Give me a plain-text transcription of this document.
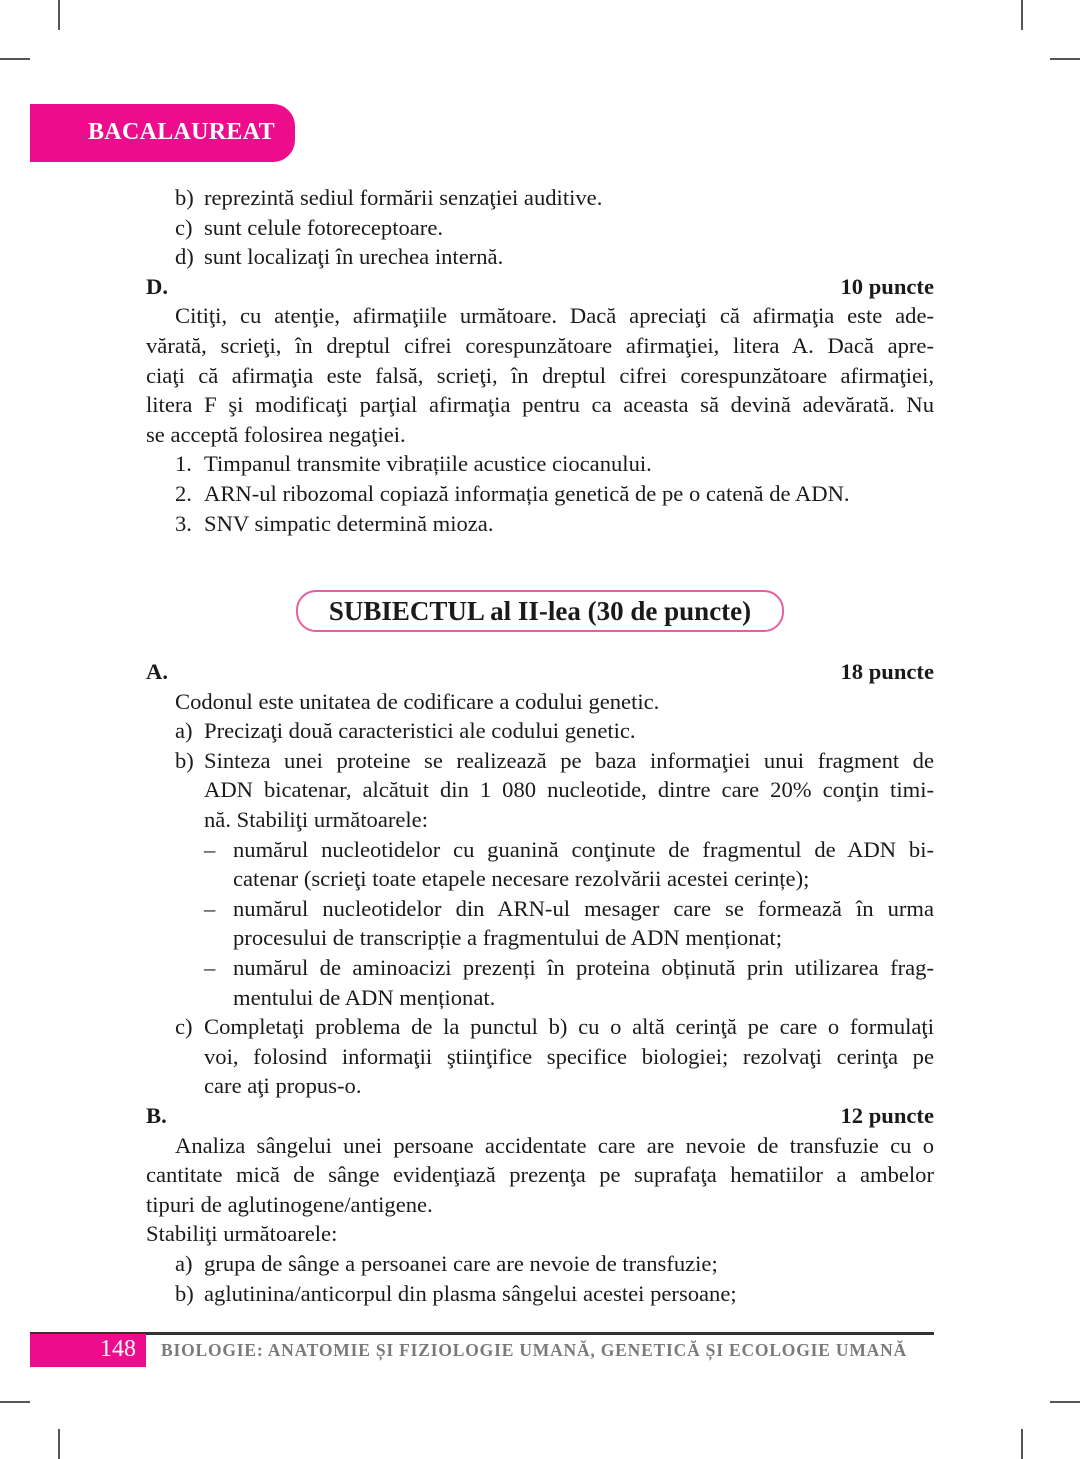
BACALAUREAT
b) reprezintă sediul formării senzaţiei auditive.
c) sunt celule fotoreceptoare.
d) sunt localizaţi în urechea internă.
D.	10 puncte
Citiţi, cu atenţie, afirmaţiile următoare. Dacă apreciaţi că afirmaţia este ade-
vărată, scrieţi, în dreptul cifrei corespunzătoare afirmaţiei, litera A. Dacă apre-
ciaţi că afirmaţia este falsă, scrieţi, în dreptul cifrei corespunzătoare afirmaţiei,
litera F şi modificaţi parţial afirmaţia pentru ca aceasta să devină adevărată. Nu
se acceptă folosirea negaţiei.
1. Timpanul transmite vibrațiile acustice ciocanului.
2. ARN-ul ribozomal copiază informația genetică de pe o catenă de ADN.
3. SNV simpatic determină mioza.
SUBIECTUL al II-lea (30 de puncte)
A.	18 puncte
Codonul este unitatea de codificare a codului genetic.
a) Precizaţi două caracteristici ale codului genetic.
b) Sinteza unei proteine se realizează pe baza informaţiei unui fragment de
ADN bicatenar, alcătuit din 1 080 nucleotide, dintre care 20% conţin timi-
nă. Stabiliţi următoarele:
– numărul nucleotidelor cu guanină conţinute de fragmentul de ADN bi-
catenar (scrieţi toate etapele necesare rezolvării acestei cerințe);
– numărul nucleotidelor din ARN-ul mesager care se formează în urma
procesului de transcripție a fragmentului de ADN menționat;
– numărul de aminoacizi prezenți în proteina obținută prin utilizarea frag-
mentului de ADN menționat.
c) Completaţi problema de la punctul b) cu o altă cerinţă pe care o formulaţi
voi, folosind informaţii ştiinţifice specifice biologiei; rezolvaţi cerinţa pe
care aţi propus-o.
B.	12 puncte
Analiza sângelui unei persoane accidentate care are nevoie de transfuzie cu o
cantitate mică de sânge evidenţiază prezenţa pe suprafaţa hematiilor a ambelor
tipuri de aglutinogene/antigene.
Stabiliţi următoarele:
a) grupa de sânge a persoanei care are nevoie de transfuzie;
b) aglutinina/anticorpul din plasma sângelui acestei persoane;
148 BIOLOGIE: ANATOMIE ȘI FIZIOLOGIE UMANĂ, GENETICĂ ȘI ECOLOGIE UMANĂ
